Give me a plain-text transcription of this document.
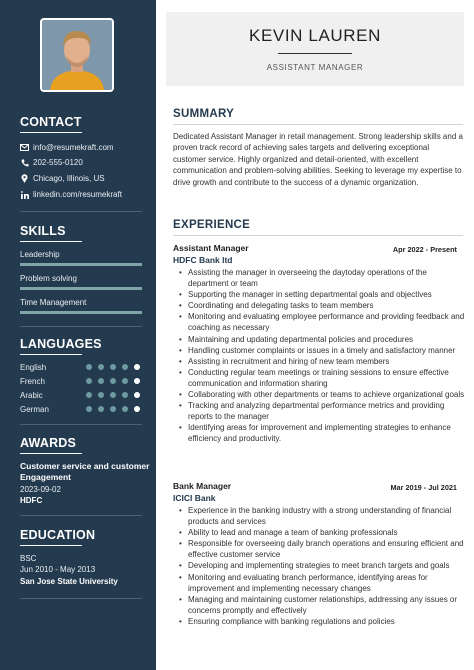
CONTACT
info@resumekraft.com
202-555-0120
Chicago, Illinois, US
linkedin.com/resumekraft
SKILLS
Leadership
Problem solving
Time Management
LANGUAGES
English
French
Arabic
German
AWARDS
Customer service and customer Engagement
2023-09-02
HDFC
EDUCATION
BSC
Jun 2010 - May 2013
San Jose State University
KEVIN LAUREN
ASSISTANT MANAGER
SUMMARY
Dedicated Assistant Manager in retail management. Strong leadership skills and a proven track record of achieving sales targets and delivering exceptional customer service. Highly organized and detail-oriented, with excellent communication and problem-solving abilities. Seeking to leverage my expertise to drive growth and contribute to the success of a dynamic organization.
EXPERIENCE
Assistant Manager	Apr 2022 - Present
HDFC Bank ltd
• Assisting the manager in overseeing the daytoday operations of the department or team
• Supporting the manager in setting departmental goals and objectives
• Coordinating and delegating tasks to team members
• Monitoring and evaluating employee performance and providing feedback and coaching as necessary
• Maintaining and updating departmental policies and procedures
• Handling customer complaints or issues in a timely and satisfactory manner
• Assisting in recruitment and hiring of new team members
• Conducting regular team meetings or training sessions to ensure effective communication and information sharing
• Collaborating with other departments or teams to achieve organizational goals
• Tracking and analyzing departmental performance metrics and providing reports to the manager
• Identifying areas for improvement and implementing strategies to enhance efficiency and productivity.
Bank Manager	Mar 2019 - Jul 2021
ICICI Bank
• Experience in the banking industry with a strong understanding of financial products and services
• Ability to lead and manage a team of banking professionals
• Responsible for overseeing daily branch operations and ensuring efficient and effective customer service
• Developing and implementing strategies to meet branch targets and goals
• Monitoring and evaluating branch performance, identifying areas for improvement and implementing necessary changes
• Managing and maintaining customer relationships, addressing any issues or concerns promptly and effectively
• Ensuring compliance with banking regulations and policies
